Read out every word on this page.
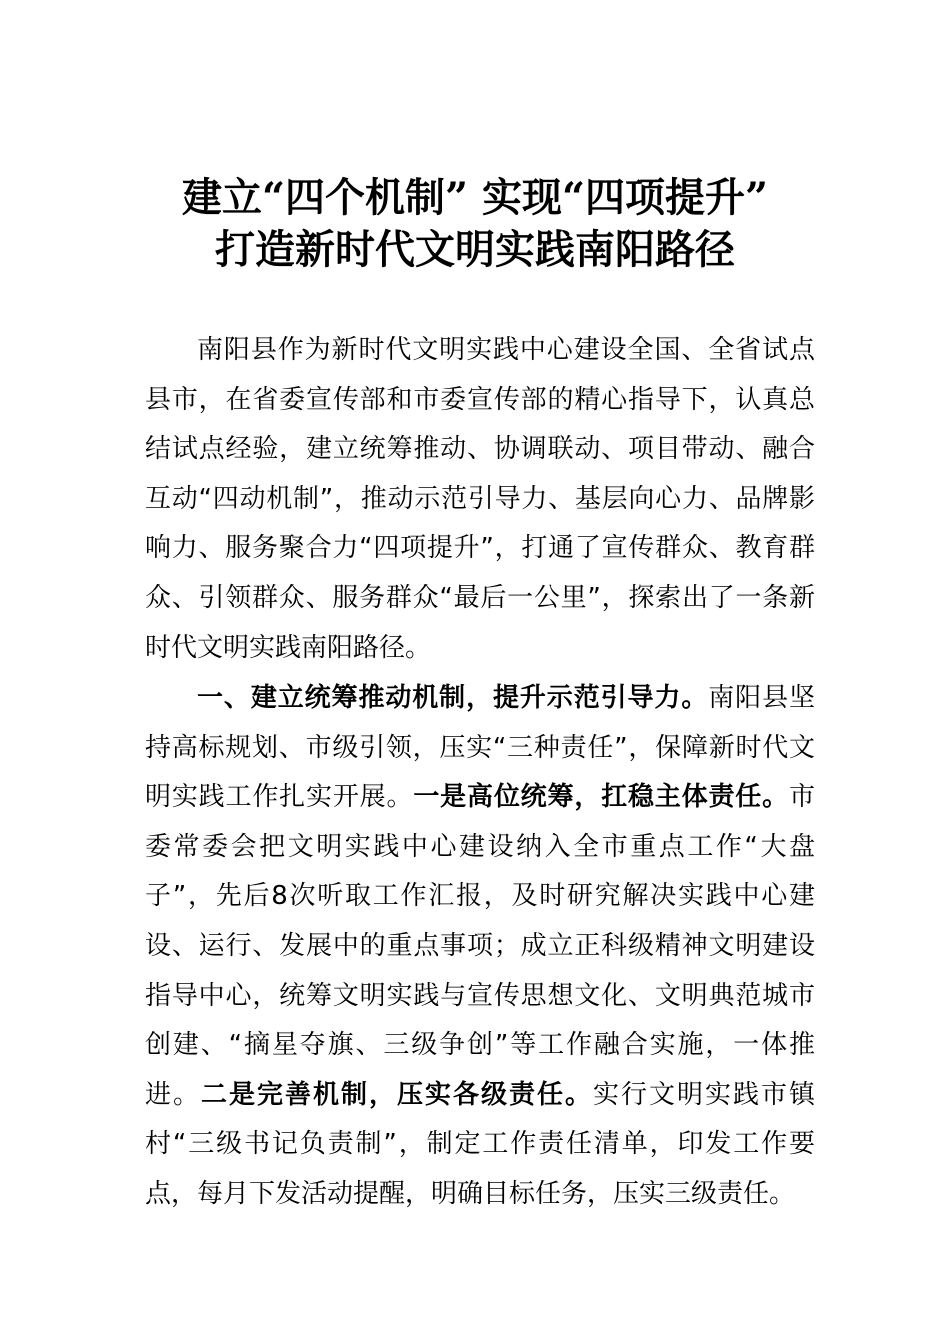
建立“四个机制” 实现“四项提升”
打造新时代文明实践南阳路径

南阳县作为新时代文明实践中心建设全国、全省试点县市，在省委宣传部和市委宣传部的精心指导下，认真总结试点经验，建立统筹推动、协调联动、项目带动、融合互动“四动机制”，推动示范引导力、基层向心力、品牌影响力、服务聚合力“四项提升”，打通了宣传群众、教育群众、引领群众、服务群众“最后一公里”，探索出了一条新时代文明实践南阳路径。

一、建立统筹推动机制，提升示范引导力。南阳县坚持高标规划、市级引领，压实“三种责任”，保障新时代文明实践工作扎实开展。一是高位统筹，扛稳主体责任。市委常委会把文明实践中心建设纳入全市重点工作“大盘子”，先后8次听取工作汇报，及时研究解决实践中心建设、运行、发展中的重点事项；成立正科级精神文明建设指导中心，统筹文明实践与宣传思想文化、文明典范城市创建、“摘星夺旗、三级争创”等工作融合实施，一体推进。二是完善机制，压实各级责任。实行文明实践市镇村“三级书记负责制”，制定工作责任清单，印发工作要点，每月下发活动提醒，明确目标任务，压实三级责任。
